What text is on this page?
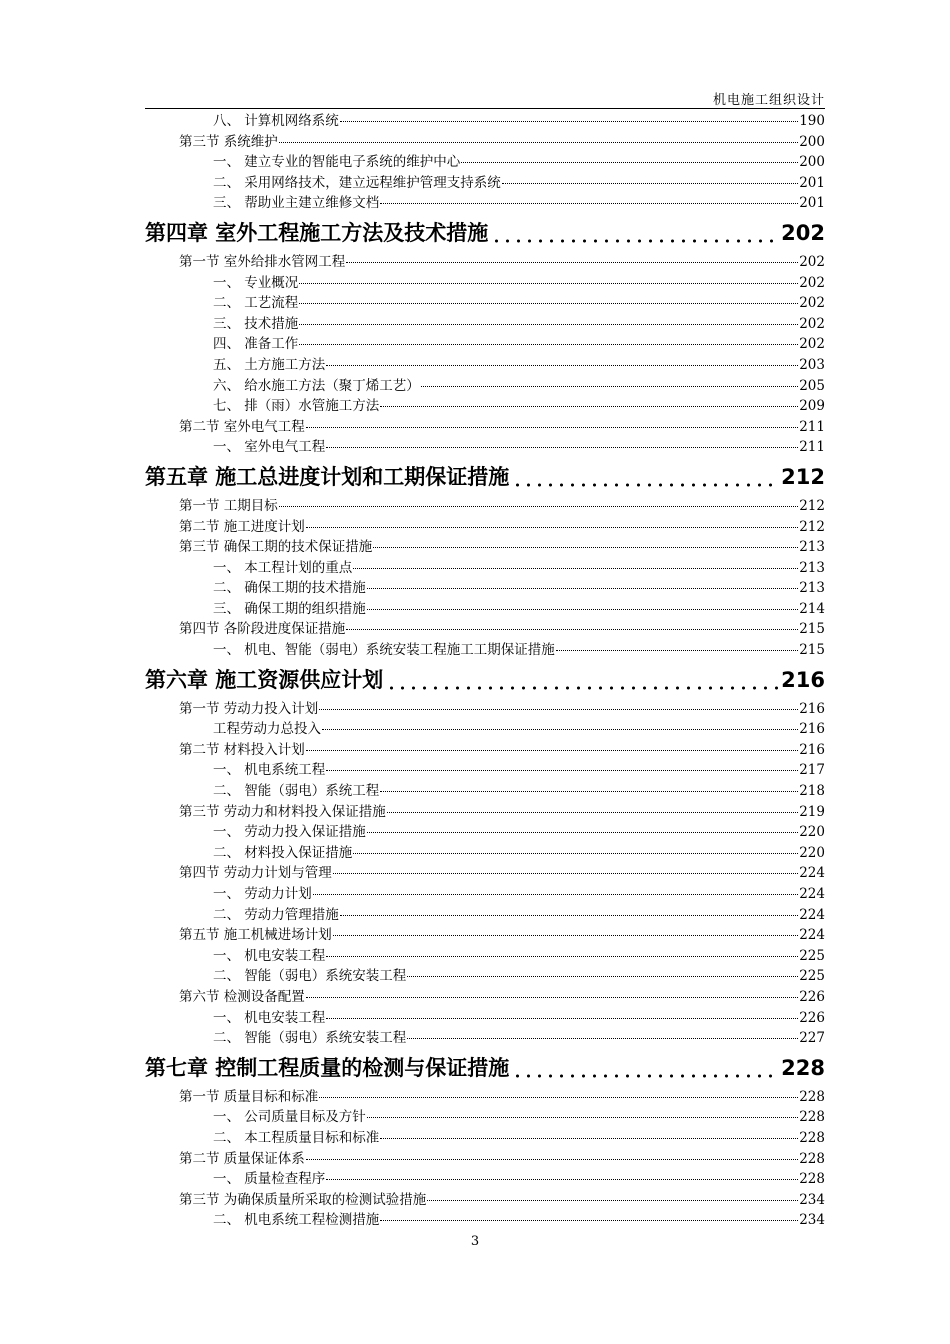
机电施工组织设计
八、 计算机网络系统	190
第三节 系统维护	200
一、 建立专业的智能电子系统的维护中心	200
二、 采用网络技术，建立远程维护管理支持系统	201
三、 帮助业主建立维修文档	201
第四章 室外工程施工方法及技术措施	202
第一节 室外给排水管网工程	202
一、 专业概况	202
二、 工艺流程	202
三、 技术措施	202
四、 准备工作	202
五、 土方施工方法	203
六、 给水施工方法（聚丁烯工艺）	205
七、 排（雨）水管施工方法	209
第二节 室外电气工程	211
一、 室外电气工程	211
第五章 施工总进度计划和工期保证措施	212
第一节 工期目标	212
第二节 施工进度计划	212
第三节 确保工期的技术保证措施	213
一、 本工程计划的重点	213
二、 确保工期的技术措施	213
三、 确保工期的组织措施	214
第四节 各阶段进度保证措施	215
一、 机电、智能（弱电）系统安装工程施工工期保证措施	215
第六章 施工资源供应计划	216
第一节 劳动力投入计划	216
工程劳动力总投入	216
第二节 材料投入计划	216
一、 机电系统工程	217
二、 智能（弱电）系统工程	218
第三节 劳动力和材料投入保证措施	219
一、 劳动力投入保证措施	220
二、 材料投入保证措施	220
第四节 劳动力计划与管理	224
一、 劳动力计划	224
二、 劳动力管理措施	224
第五节 施工机械进场计划	224
一、 机电安装工程	225
二、 智能（弱电）系统安装工程	225
第六节 检测设备配置	226
一、 机电安装工程	226
二、 智能（弱电）系统安装工程	227
第七章 控制工程质量的检测与保证措施	228
第一节 质量目标和标准	228
一、 公司质量目标及方针	228
二、 本工程质量目标和标准	228
第二节 质量保证体系	228
一、 质量检查程序	228
第三节 为确保质量所采取的检测试验措施	234
二、 机电系统工程检测措施	234
3
